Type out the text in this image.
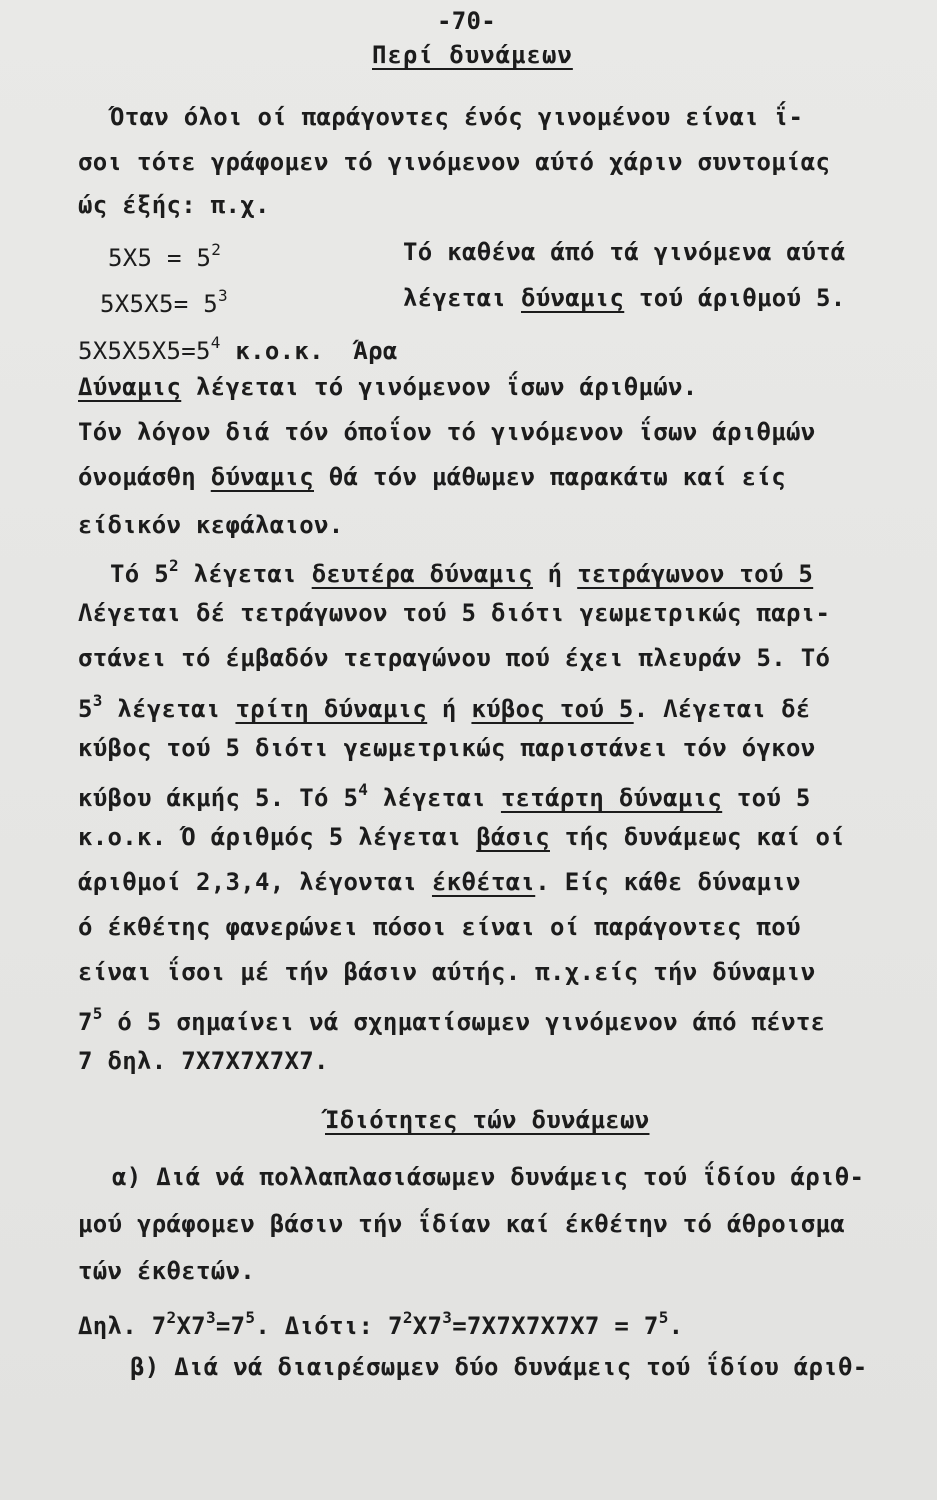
-70-
Περί δυνάμεων
Όταν όλοι οί παράγοντες ένός γινομένου είναι ΐ-
σοι τότε γράφομεν τό γινόμενον αύτό χάριν συντομίας
ώς έξής: π.χ.
$5X5 = 5^2$	Τό καθένα άπό τά γινόμενα αύτά
$5X5X5= 5^3$	λέγεται δύναμις τού άριθμού 5.
$5X5X5X5=5^4$ κ.ο.κ.  Άρα
Δύναμις λέγεται τό γινόμενον ΐσων άριθμών.
Τόν λόγον διά τόν όποΐον τό γινόμενον ΐσων άριθμών
όνομάσθη δύναμις θά τόν μάθωμεν παρακάτω καί είς
είδικόν κεφάλαιον.
Τό $5^2$ λέγεται δευτέρα δύναμις ή τετράγωνον τού 5
Λέγεται δέ τετράγωνον τού 5 διότι γεωμετρικώς παρι-
στάνει τό έμβαδόν τετραγώνου πού έχει πλευράν 5. Τό
$5^3$ λέγεται τρίτη δύναμις ή κύβος τού 5. Λέγεται δέ
κύβος τού 5 διότι γεωμετρικώς παριστάνει τόν όγκον
κύβου άκμής 5. Τό $5^4$ λέγεται τετάρτη δύναμις τού 5
κ.ο.κ. Ό άριθμός 5 λέγεται βάσις τής δυνάμεως καί οί
άριθμοί 2,3,4, λέγονται έκθέται. Είς κάθε δύναμιν
ό έκθέτης φανερώνει πόσοι είναι οί παράγοντες πού
είναι ΐσοι μέ τήν βάσιν αύτής. π.χ.είς τήν δύναμιν
$7^5$ ό 5 σημαίνει νά σχηματίσωμεν γινόμενον άπό πέντε
7 δηλ. 7X7X7X7X7.
Ίδιότητες τών δυνάμεων
α) Διά νά πολλαπλασιάσωμεν δυνάμεις τού ΐδίου άριθ-
μού γράφομεν βάσιν τήν ΐδίαν καί έκθέτην τό άθροισμα
τών έκθετών.
Δηλ. $7^2X7^3=7^5$. Διότι: $7^2X7^3=7X7X7X7X7 = 7^5$.
β) Διά νά διαιρέσωμεν δύο δυνάμεις τού ΐδίου άριθ-
